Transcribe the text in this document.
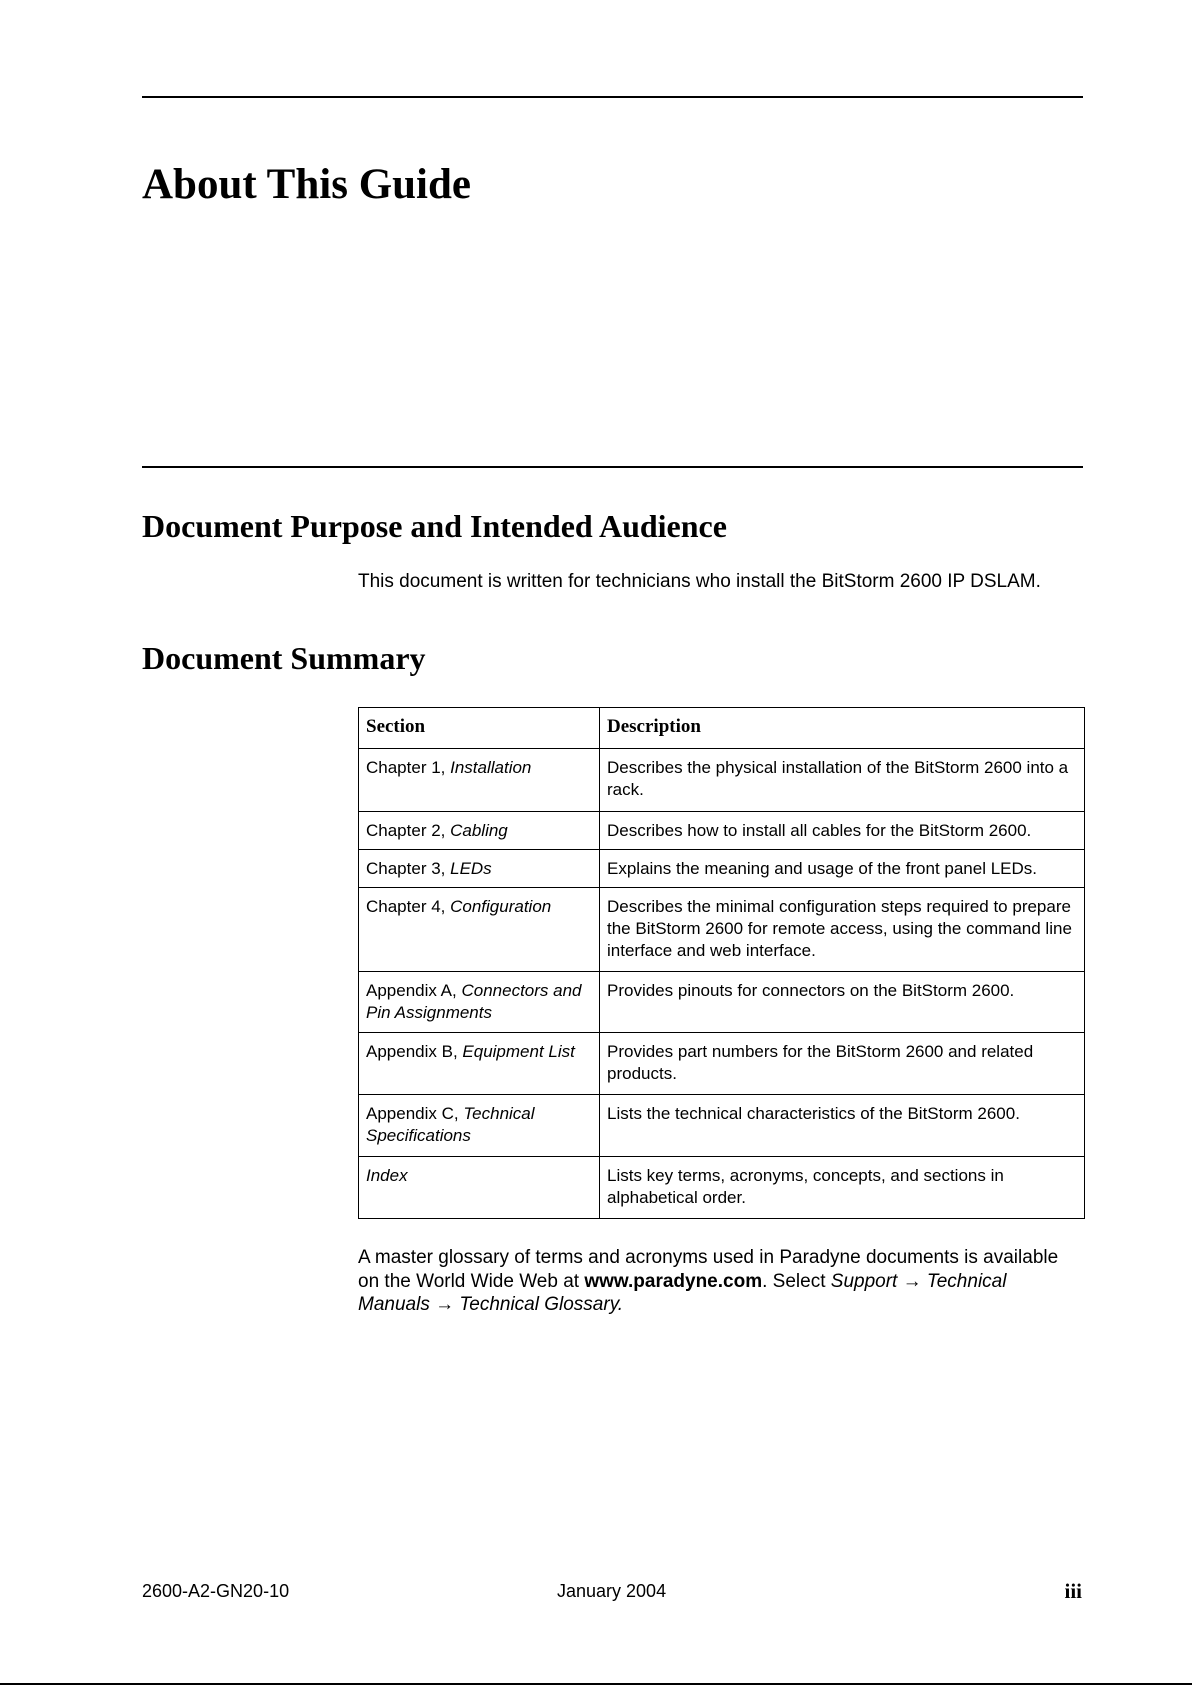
About This Guide
Document Purpose and Intended Audience
This document is written for technicians who install the BitStorm 2600 IP DSLAM.
Document Summary
Section	Description
Chapter 1, Installation	Describes the physical installation of the BitStorm 2600 into a rack.
Chapter 2, Cabling	Describes how to install all cables for the BitStorm 2600.
Chapter 3, LEDs	Explains the meaning and usage of the front panel LEDs.
Chapter 4, Configuration	Describes the minimal configuration steps required to prepare the BitStorm 2600 for remote access, using the command line interface and web interface.
Appendix A, Connectors and Pin Assignments	Provides pinouts for connectors on the BitStorm 2600.
Appendix B, Equipment List	Provides part numbers for the BitStorm 2600 and related products.
Appendix C, Technical Specifications	Lists the technical characteristics of the BitStorm 2600.
Index	Lists key terms, acronyms, concepts, and sections in alphabetical order.
A master glossary of terms and acronyms used in Paradyne documents is available on the World Wide Web at www.paradyne.com. Select Support → Technical Manuals → Technical Glossary.
2600-A2-GN20-10	January 2004	iii
